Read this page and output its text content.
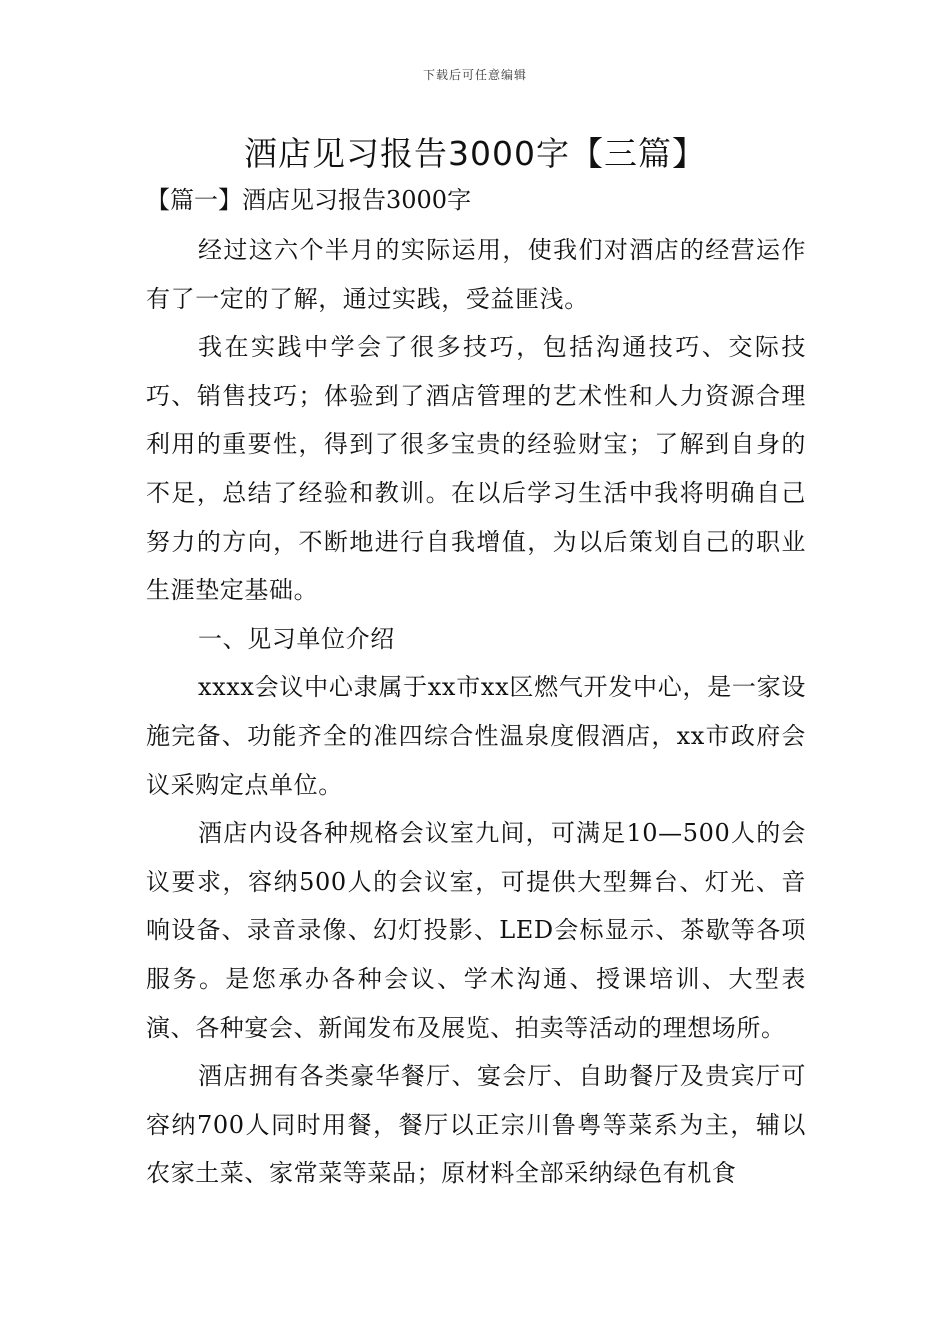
下载后可任意编辑
酒店见习报告3000字【三篇】
【篇一】酒店见习报告3000字

经过这六个半月的实际运用，使我们对酒店的经营运作有了一定的了解，通过实践，受益匪浅。

我在实践中学会了很多技巧，包括沟通技巧、交际技巧、销售技巧；体验到了酒店管理的艺术性和人力资源合理利用的重要性，得到了很多宝贵的经验财宝；了解到自身的不足，总结了经验和教训。在以后学习生活中我将明确自己努力的方向，不断地进行自我增值，为以后策划自己的职业生涯垫定基础。

一、见习单位介绍

xxxx会议中心隶属于xx市xx区燃气开发中心，是一家设施完备、功能齐全的准四综合性温泉度假酒店，xx市政府会议采购定点单位。

酒店内设各种规格会议室九间，可满足10—500人的会议要求，容纳500人的会议室，可提供大型舞台、灯光、音响设备、录音录像、幻灯投影、LED会标显示、茶歇等各项服务。是您承办各种会议、学术沟通、授课培训、大型表演、各种宴会、新闻发布及展览、拍卖等活动的理想场所。

酒店拥有各类豪华餐厅、宴会厅、自助餐厅及贵宾厅可容纳700人同时用餐，餐厅以正宗川鲁粤等菜系为主，辅以农家土菜、家常菜等菜品；原材料全部采纳绿色有机食
